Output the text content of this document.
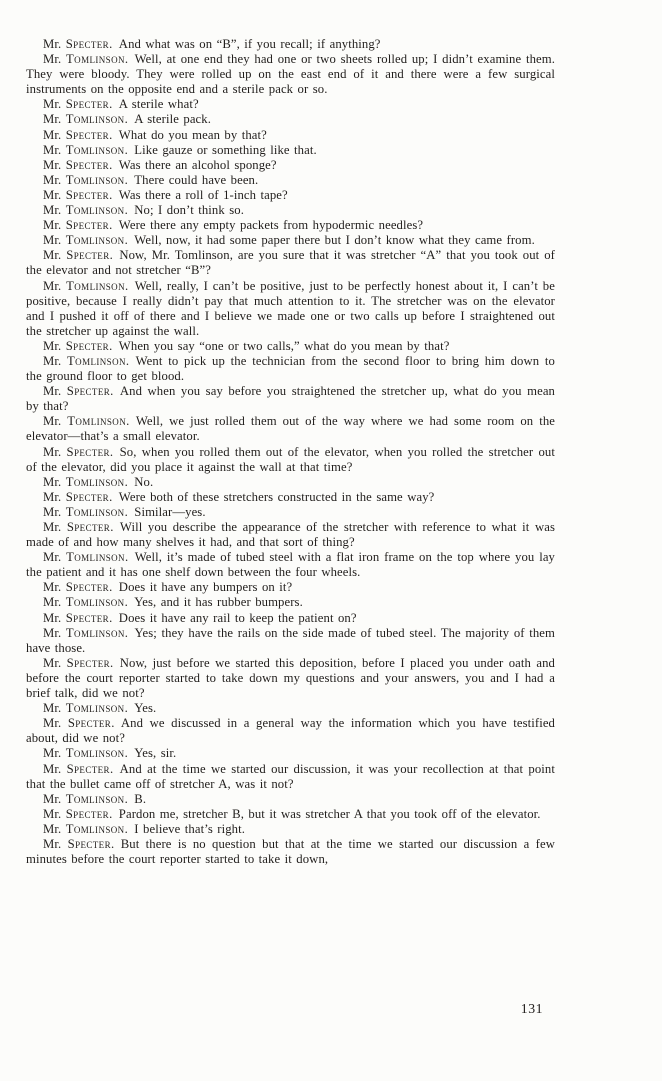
Mr. Specter. And what was on “B”, if you recall; if anything?

Mr. Tomlinson. Well, at one end they had one or two sheets rolled up; I didn’t examine them. They were bloody. They were rolled up on the east end of it and there were a few surgical instruments on the opposite end and a sterile pack or so.

Mr. Specter. A sterile what?

Mr. Tomlinson. A sterile pack.

Mr. Specter. What do you mean by that?

Mr. Tomlinson. Like gauze or something like that.

Mr. Specter. Was there an alcohol sponge?

Mr. Tomlinson. There could have been.

Mr. Specter. Was there a roll of 1-inch tape?

Mr. Tomlinson. No; I don’t think so.

Mr. Specter. Were there any empty packets from hypodermic needles?

Mr. Tomlinson. Well, now, it had some paper there but I don’t know what they came from.

Mr. Specter. Now, Mr. Tomlinson, are you sure that it was stretcher “A” that you took out of the elevator and not stretcher “B”?

Mr. Tomlinson. Well, really, I can’t be positive, just to be perfectly honest about it, I can’t be positive, because I really didn’t pay that much attention to it. The stretcher was on the elevator and I pushed it off of there and I believe we made one or two calls up before I straightened out the stretcher up against the wall.

Mr. Specter. When you say “one or two calls,” what do you mean by that?

Mr. Tomlinson. Went to pick up the technician from the second floor to bring him down to the ground floor to get blood.

Mr. Specter. And when you say before you straightened the stretcher up, what do you mean by that?

Mr. Tomlinson. Well, we just rolled them out of the way where we had some room on the elevator—that’s a small elevator.

Mr. Specter. So, when you rolled them out of the elevator, when you rolled the stretcher out of the elevator, did you place it against the wall at that time?

Mr. Tomlinson. No.

Mr. Specter. Were both of these stretchers constructed in the same way?

Mr. Tomlinson. Similar—yes.

Mr. Specter. Will you describe the appearance of the stretcher with reference to what it was made of and how many shelves it had, and that sort of thing?

Mr. Tomlinson. Well, it’s made of tubed steel with a flat iron frame on the top where you lay the patient and it has one shelf down between the four wheels.

Mr. Specter. Does it have any bumpers on it?

Mr. Tomlinson. Yes, and it has rubber bumpers.

Mr. Specter. Does it have any rail to keep the patient on?

Mr. Tomlinson. Yes; they have the rails on the side made of tubed steel. The majority of them have those.

Mr. Specter. Now, just before we started this deposition, before I placed you under oath and before the court reporter started to take down my questions and your answers, you and I had a brief talk, did we not?

Mr. Tomlinson. Yes.

Mr. Specter. And we discussed in a general way the information which you have testified about, did we not?

Mr. Tomlinson. Yes, sir.

Mr. Specter. And at the time we started our discussion, it was your recollection at that point that the bullet came off of stretcher A, was it not?

Mr. Tomlinson. B.

Mr. Specter. Pardon me, stretcher B, but it was stretcher A that you took off of the elevator.

Mr. Tomlinson. I believe that’s right.

Mr. Specter. But there is no question but that at the time we started our discussion a few minutes before the court reporter started to take it down,

131
